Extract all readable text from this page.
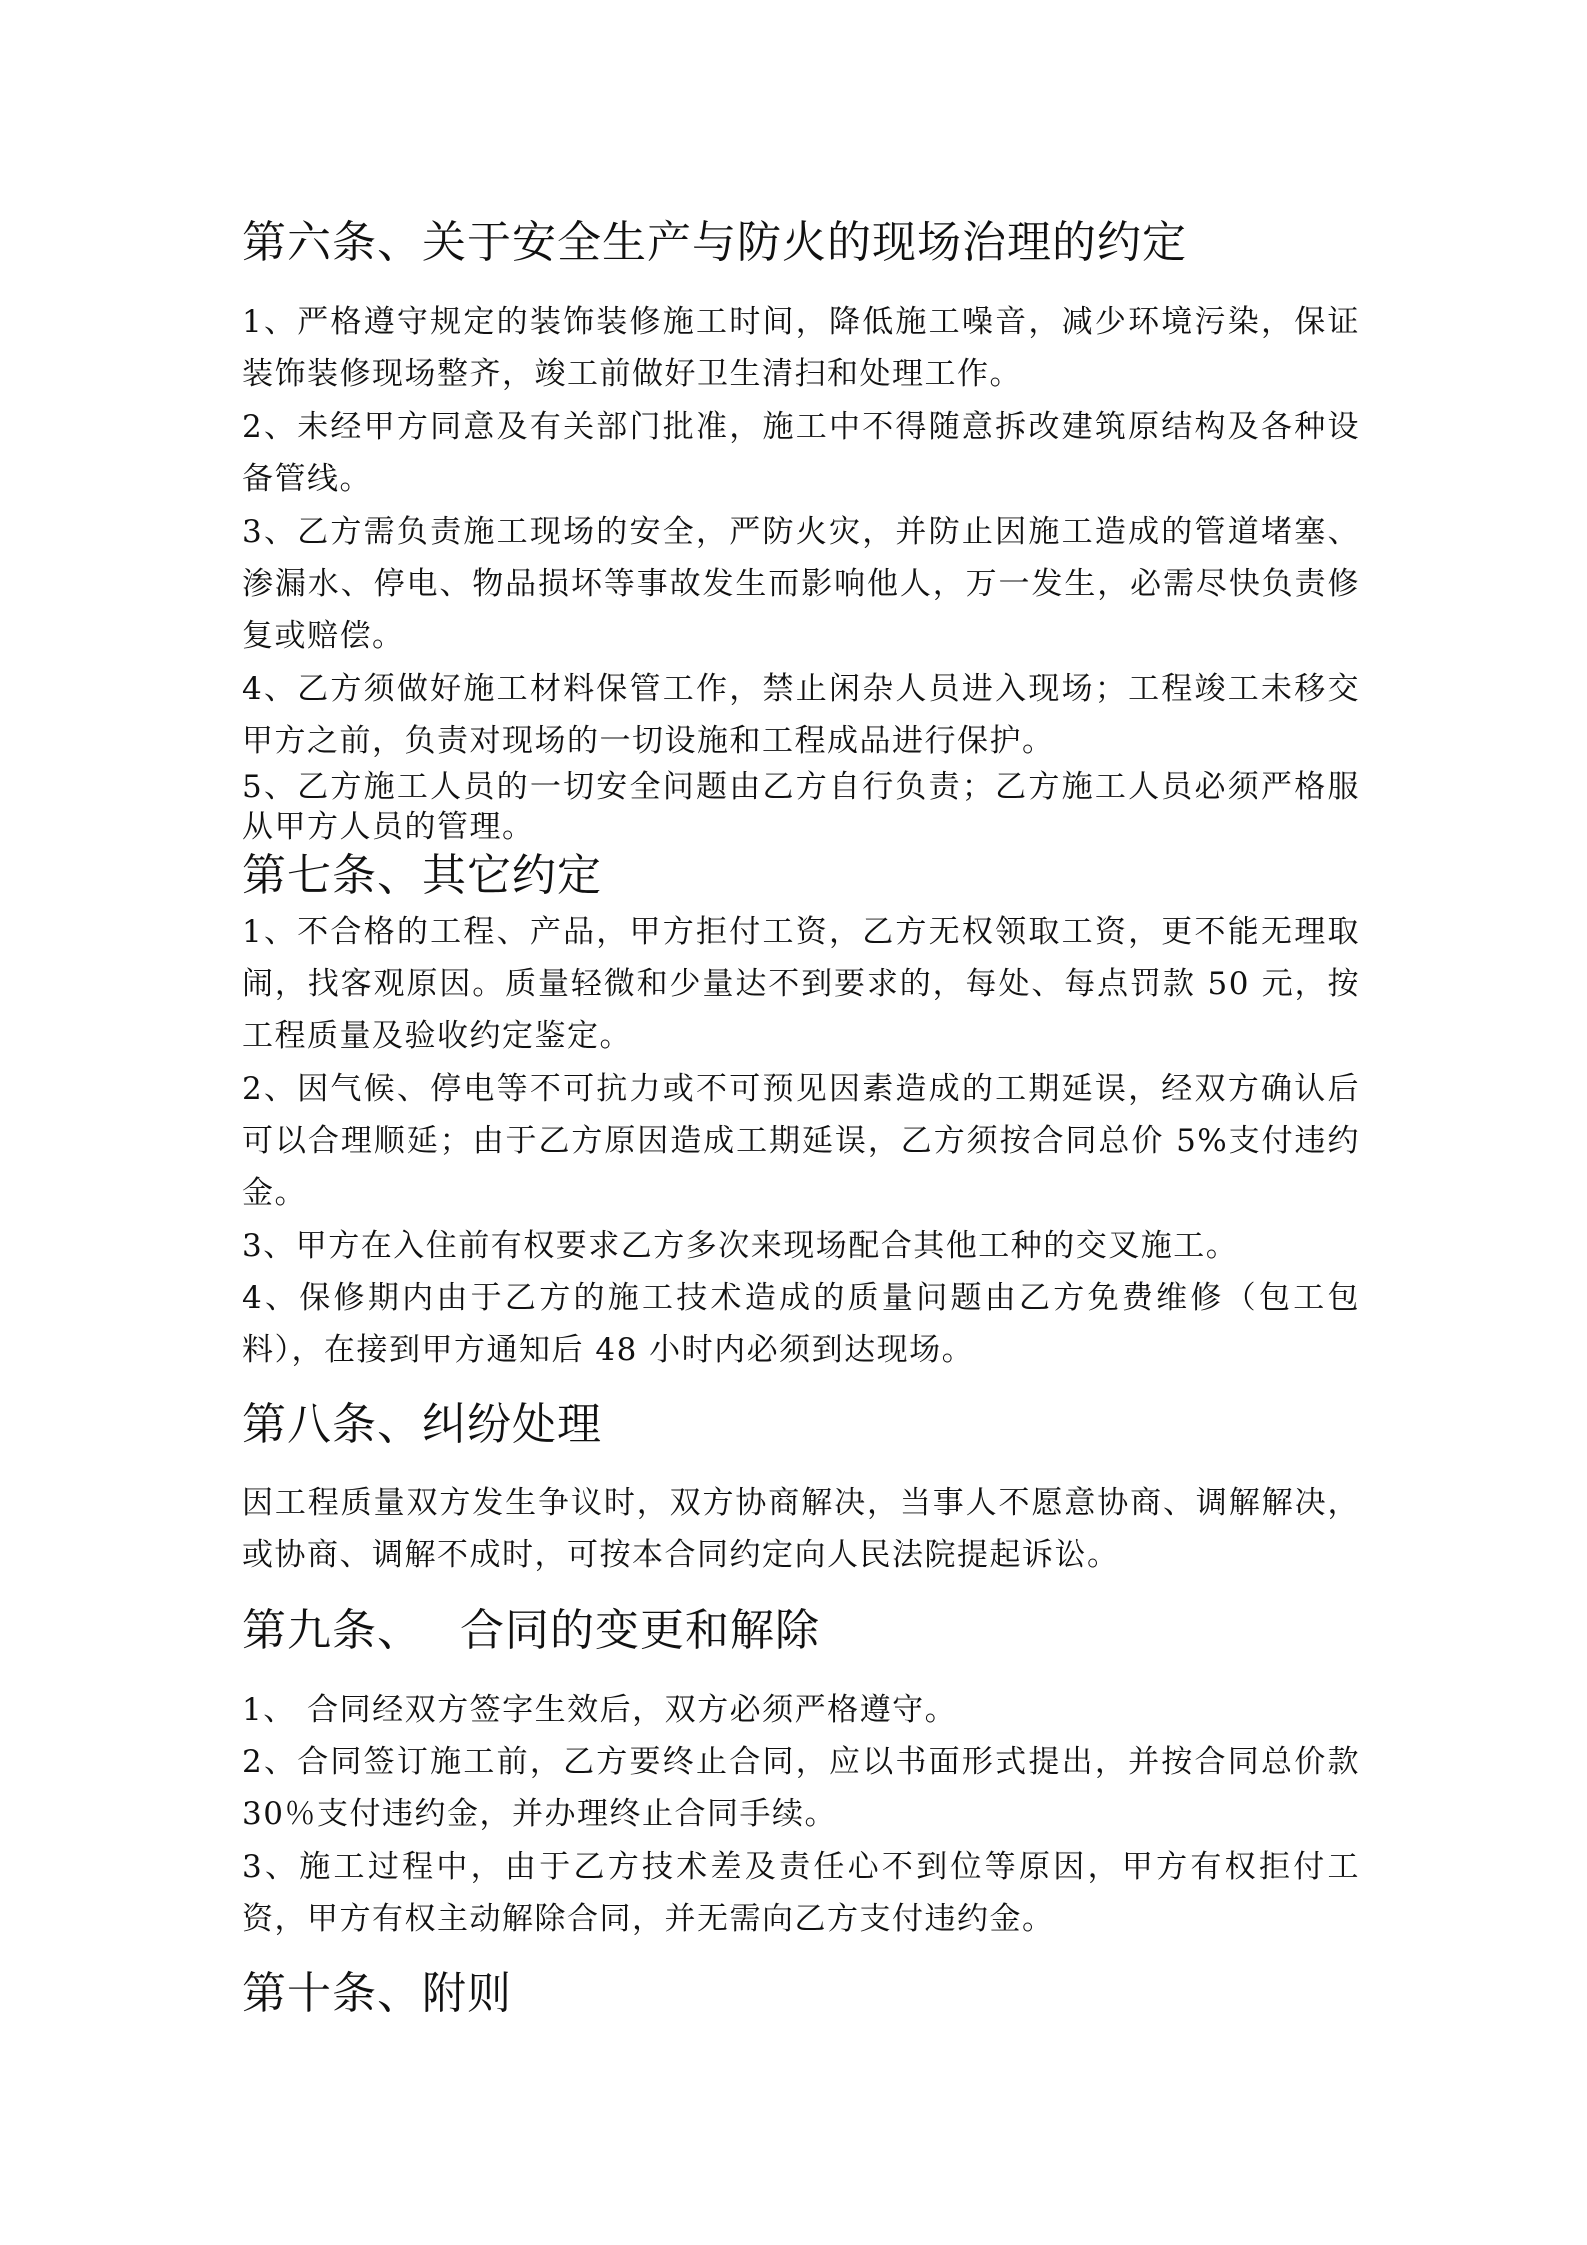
第六条、关于安全生产与防火的现场治理的约定
1、严格遵守规定的装饰装修施工时间，降低施工噪音，减少环境污染，保证装饰装修现场整齐，竣工前做好卫生清扫和处理工作。
2、未经甲方同意及有关部门批准，施工中不得随意拆改建筑原结构及各种设备管线。
3、乙方需负责施工现场的安全，严防火灾，并防止因施工造成的管道堵塞、渗漏水、停电、物品损坏等事故发生而影响他人，万一发生，必需尽快负责修复或赔偿。
4、乙方须做好施工材料保管工作，禁止闲杂人员进入现场；工程竣工未移交甲方之前，负责对现场的一切设施和工程成品进行保护。
5、乙方施工人员的一切安全问题由乙方自行负责；乙方施工人员必须严格服从甲方人员的管理。
第七条、其它约定
1、不合格的工程、产品，甲方拒付工资，乙方无权领取工资，更不能无理取闹，找客观原因。质量轻微和少量达不到要求的，每处、每点罚款 50 元，按工程质量及验收约定鉴定。
2、因气候、停电等不可抗力或不可预见因素造成的工期延误，经双方确认后可以合理顺延；由于乙方原因造成工期延误，乙方须按合同总价 5%支付违约金。
3、甲方在入住前有权要求乙方多次来现场配合其他工种的交叉施工。
4、保修期内由于乙方的施工技术造成的质量问题由乙方免费维修（包工包料），在接到甲方通知后 48 小时内必须到达现场。
第八条、纠纷处理
因工程质量双方发生争议时，双方协商解决，当事人不愿意协商、调解解决，或协商、调解不成时，可按本合同约定向人民法院提起诉讼。
第九条、　 合同的变更和解除
1、 合同经双方签字生效后，双方必须严格遵守。
2、合同签订施工前，乙方要终止合同，应以书面形式提出，并按合同总价款 30％支付违约金，并办理终止合同手续。
3、施工过程中，由于乙方技术差及责任心不到位等原因，甲方有权拒付工资，甲方有权主动解除合同，并无需向乙方支付违约金。
第十条、附则
